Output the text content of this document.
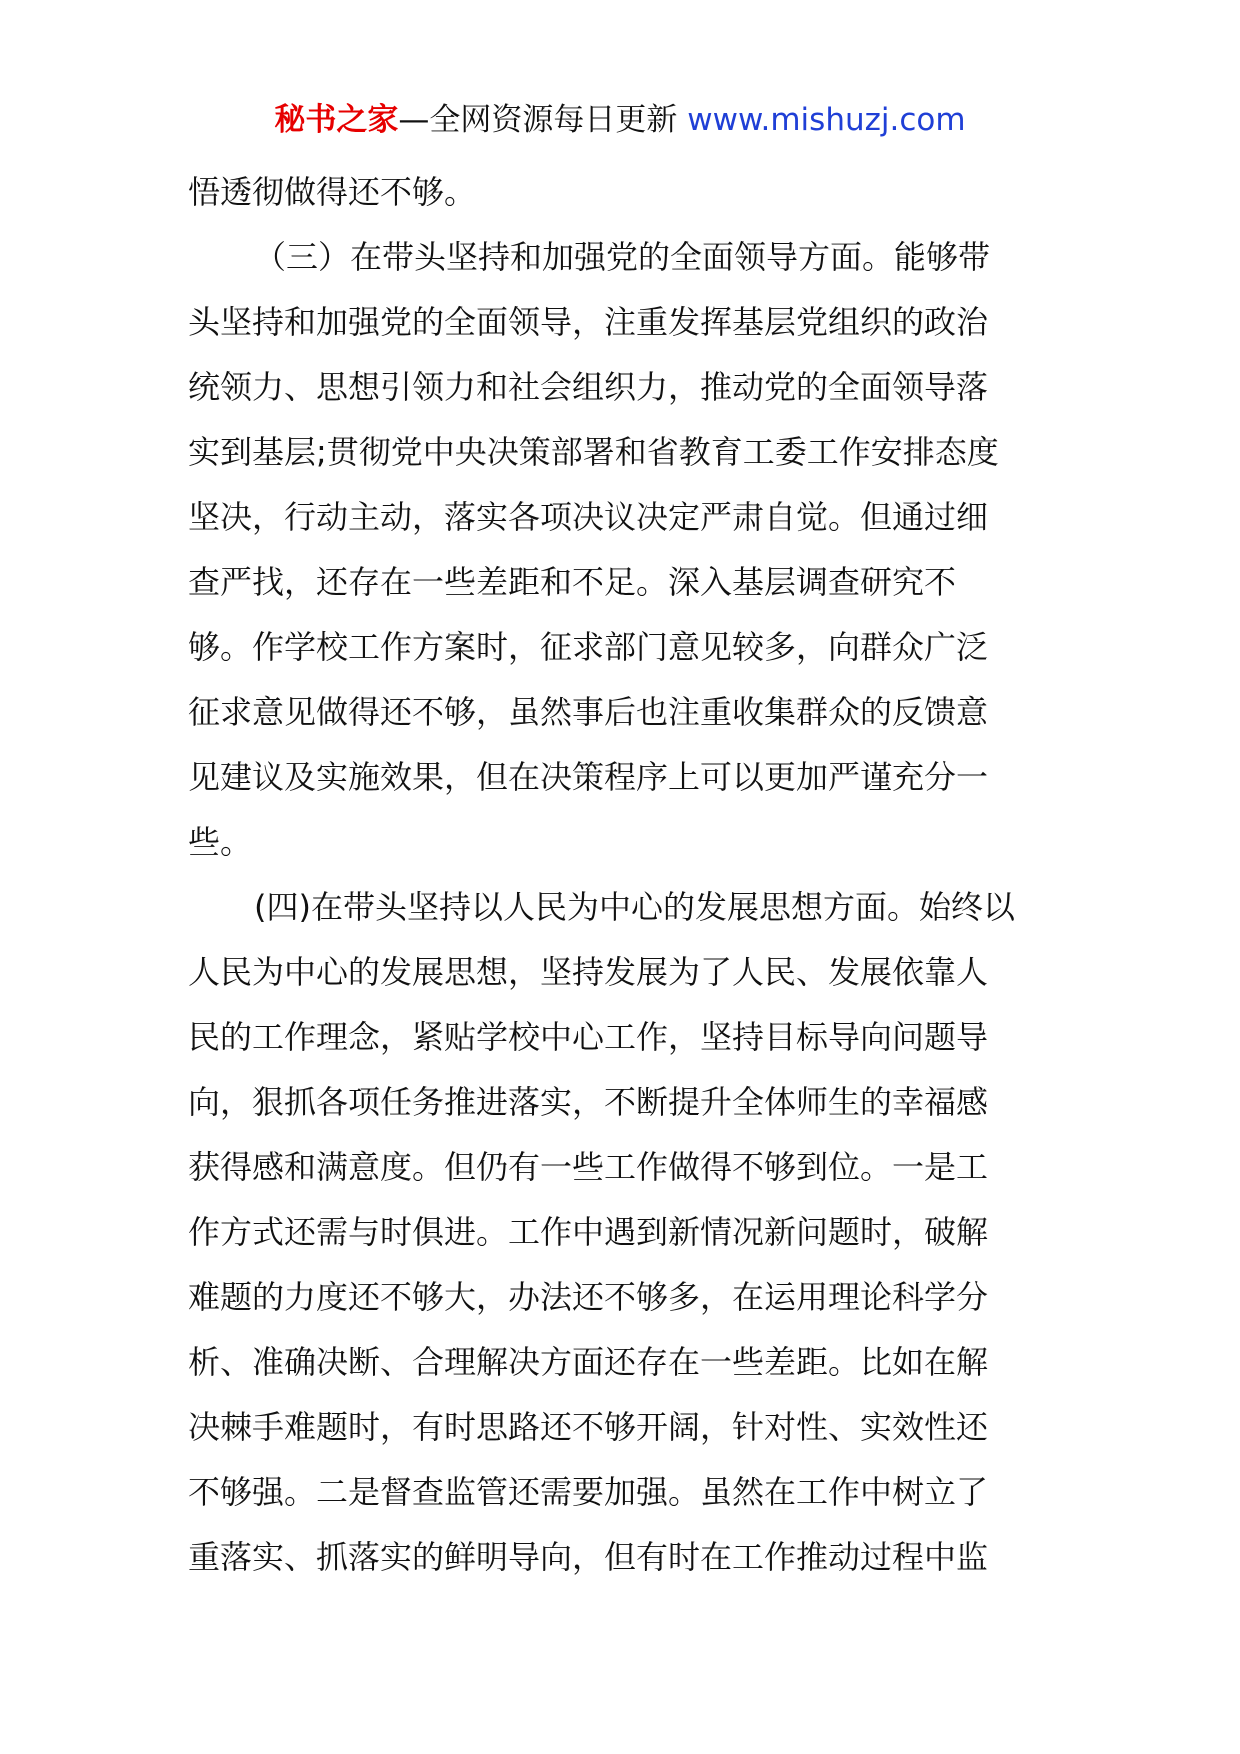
秘书之家—全网资源每日更新 www.mishuzj.com
悟透彻做得还不够。
（三）在带头坚持和加强党的全面领导方面。能够带
头坚持和加强党的全面领导，注重发挥基层党组织的政治
统领力、思想引领力和社会组织力，推动党的全面领导落
实到基层;贯彻党中央决策部署和省教育工委工作安排态度
坚决，行动主动，落实各项决议决定严肃自觉。但通过细
查严找，还存在一些差距和不足。深入基层调查研究不
够。作学校工作方案时，征求部门意见较多，向群众广泛
征求意见做得还不够，虽然事后也注重收集群众的反馈意
见建议及实施效果，但在决策程序上可以更加严谨充分一
些。
(四)在带头坚持以人民为中心的发展思想方面。始终以
人民为中心的发展思想，坚持发展为了人民、发展依靠人
民的工作理念，紧贴学校中心工作，坚持目标导向问题导
向，狠抓各项任务推进落实，不断提升全体师生的幸福感
获得感和满意度。但仍有一些工作做得不够到位。一是工
作方式还需与时俱进。工作中遇到新情况新问题时，破解
难题的力度还不够大，办法还不够多，在运用理论科学分
析、准确决断、合理解决方面还存在一些差距。比如在解
决棘手难题时，有时思路还不够开阔，针对性、实效性还
不够强。二是督查监管还需要加强。虽然在工作中树立了
重落实、抓落实的鲜明导向，但有时在工作推动过程中监
